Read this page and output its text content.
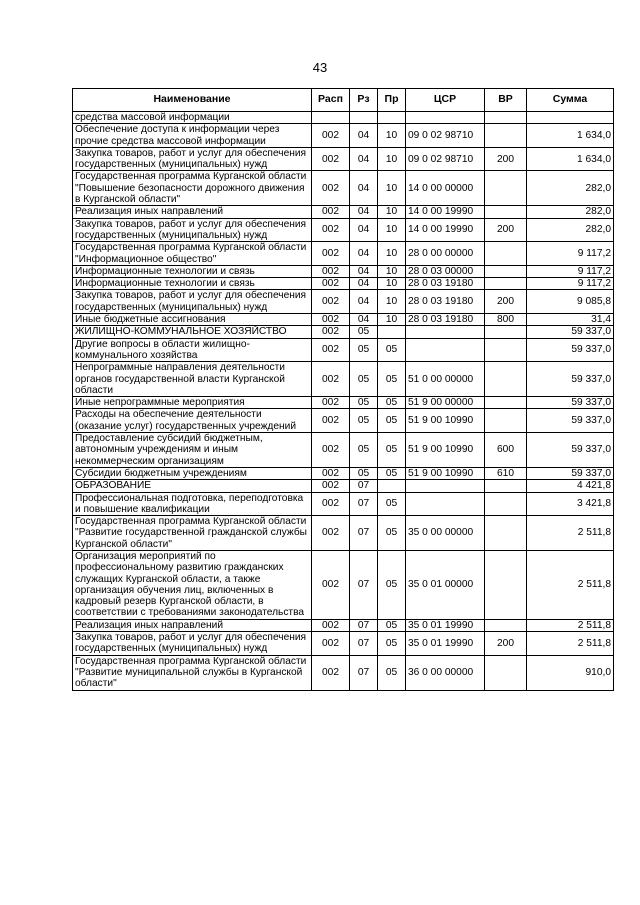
43
Наименование	Расп	Рз	Пр	ЦСР	ВР	Сумма
средства массовой информации						
Обеспечение доступа к информации через прочие средства массовой информации	002	04	10	09 0 02 98710		1 634,0
Закупка товаров, работ и услуг для обеспечения государственных (муниципальных) нужд	002	04	10	09 0 02 98710	200	1 634,0
Государственная программа Курганской области "Повышение безопасности дорожного движения в Курганской области"	002	04	10	14 0 00 00000		282,0
Реализация иных направлений	002	04	10	14 0 00 19990		282,0
Закупка товаров, работ и услуг для обеспечения государственных (муниципальных) нужд	002	04	10	14 0 00 19990	200	282,0
Государственная программа Курганской области "Информационное общество"	002	04	10	28 0 00 00000		9 117,2
Информационные технологии и связь	002	04	10	28 0 03 00000		9 117,2
Информационные технологии и связь	002	04	10	28 0 03 19180		9 117,2
Закупка товаров, работ и услуг для обеспечения государственных (муниципальных) нужд	002	04	10	28 0 03 19180	200	9 085,8
Иные бюджетные ассигнования	002	04	10	28 0 03 19180	800	31,4
ЖИЛИЩНО-КОММУНАЛЬНОЕ ХОЗЯЙСТВО	002	05				59 337,0
Другие вопросы в области жилищно-коммунального хозяйства	002	05	05			59 337,0
Непрограммные направления деятельности органов государственной власти Курганской области	002	05	05	51 0 00 00000		59 337,0
Иные непрограммные мероприятия	002	05	05	51 9 00 00000		59 337,0
Расходы на обеспечение деятельности (оказание услуг) государственных учреждений	002	05	05	51 9 00 10990		59 337,0
Предоставление субсидий бюджетным, автономным учреждениям и иным некоммерческим организациям	002	05	05	51 9 00 10990	600	59 337,0
Субсидии бюджетным учреждениям	002	05	05	51 9 00 10990	610	59 337,0
ОБРАЗОВАНИЕ	002	07				4 421,8
Профессиональная подготовка, переподготовка и повышение квалификации	002	07	05			3 421,8
Государственная программа Курганской области "Развитие государственной гражданской службы Курганской области"	002	07	05	35 0 00 00000		2 511,8
Организация мероприятий по профессиональному развитию гражданских служащих Курганской области, а также организация обучения лиц, включенных в кадровый резерв Курганской области, в соответствии с требованиями законодательства	002	07	05	35 0 01 00000		2 511,8
Реализация иных направлений	002	07	05	35 0 01 19990		2 511,8
Закупка товаров, работ и услуг для обеспечения государственных (муниципальных) нужд	002	07	05	35 0 01 19990	200	2 511,8
Государственная программа Курганской области "Развитие муниципальной службы в Курганской области"	002	07	05	36 0 00 00000		910,0
